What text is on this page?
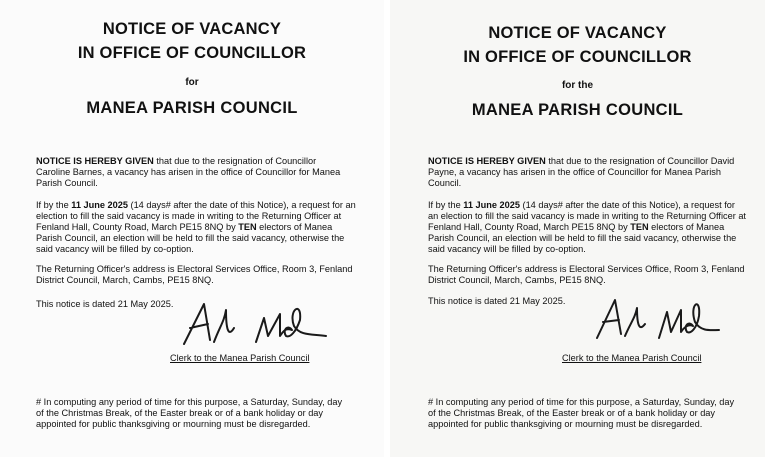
NOTICE OF VACANCY
IN OFFICE OF COUNCILLOR
for
MANEA PARISH COUNCIL

NOTICE IS HEREBY GIVEN that due to the resignation of Councillor Caroline Barnes, a vacancy has arisen in the office of Councillor for Manea Parish Council.

If by the 11 June 2025 (14 days# after the date of this Notice), a request for an election to fill the said vacancy is made in writing to the Returning Officer at Fenland Hall, County Road, March PE15 8NQ by TEN electors of Manea Parish Council, an election will be held to fill the said vacancy, otherwise the said vacancy will be filled by co-option.

The Returning Officer's address is Electoral Services Office, Room 3, Fenland District Council, March, Cambs, PE15 8NQ.

This notice is dated 21 May 2025.

Clerk to the Manea Parish Council

# In computing any period of time for this purpose, a Saturday, Sunday, day of the Christmas Break, of the Easter break or of a bank holiday or day appointed for public thanksgiving or mourning must be disregarded.

NOTICE OF VACANCY
IN OFFICE OF COUNCILLOR
for the
MANEA PARISH COUNCIL

NOTICE IS HEREBY GIVEN that due to the resignation of Councillor David Payne, a vacancy has arisen in the office of Councillor for Manea Parish Council.

If by the 11 June 2025 (14 days# after the date of this Notice), a request for an election to fill the said vacancy is made in writing to the Returning Officer at Fenland Hall, County Road, March PE15 8NQ by TEN electors of Manea Parish Council, an election will be held to fill the said vacancy, otherwise the said vacancy will be filled by co-option.

The Returning Officer's address is Electoral Services Office, Room 3, Fenland District Council, March, Cambs, PE15 8NQ.

This notice is dated 21 May 2025.

Clerk to the Manea Parish Council

# In computing any period of time for this purpose, a Saturday, Sunday, day of the Christmas Break, of the Easter break or of a bank holiday or day appointed for public thanksgiving or mourning must be disregarded.
